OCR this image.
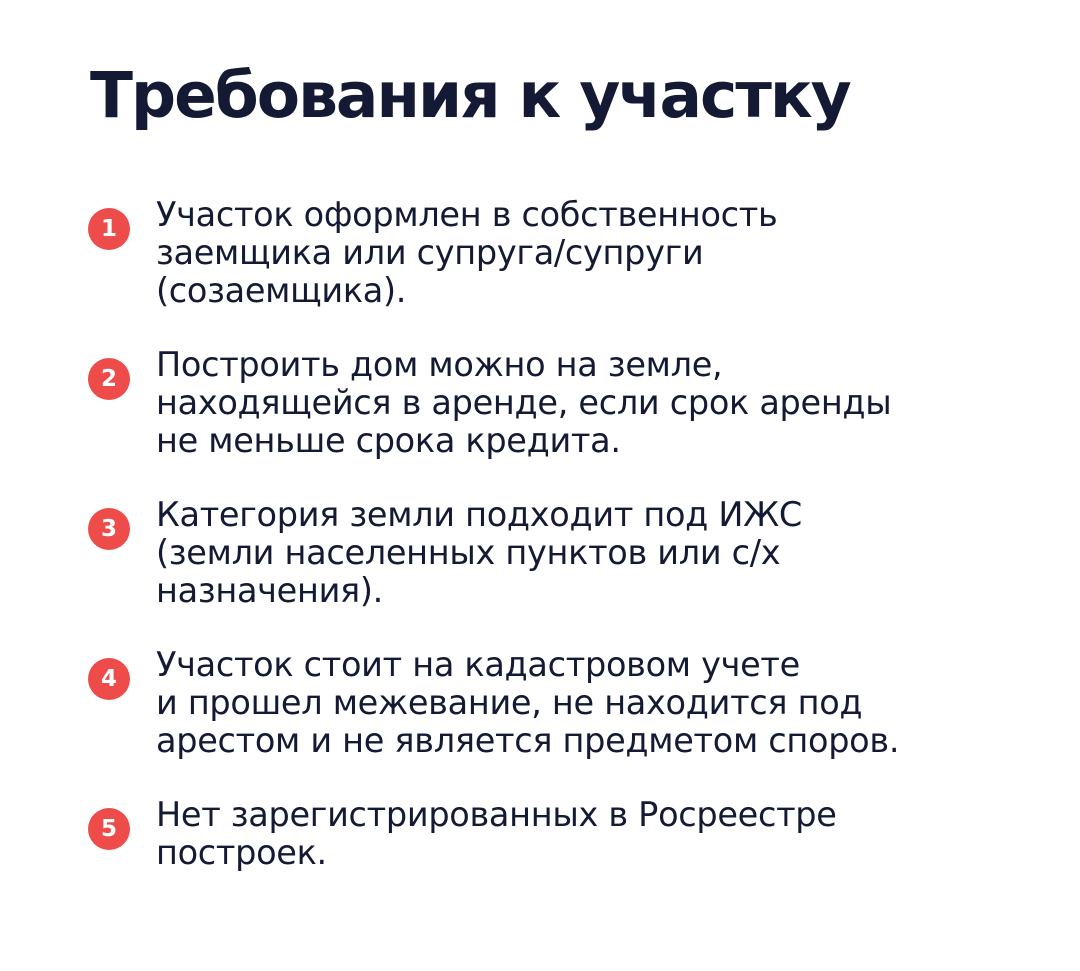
Требования к участку
1	Участок оформлен в собственность
заемщика или супруга/супруги
(созаемщика).

2	Построить дом можно на земле,
находящейся в аренде, если срок аренды
не меньше срока кредита.

3	Категория земли подходит под ИЖС
(земли населенных пунктов или с/х
назначения).

4	Участок стоит на кадастровом учете
и прошел межевание, не находится под
арестом и не является предметом споров.

5	Нет зарегистрированных в Росреестре
построек.
